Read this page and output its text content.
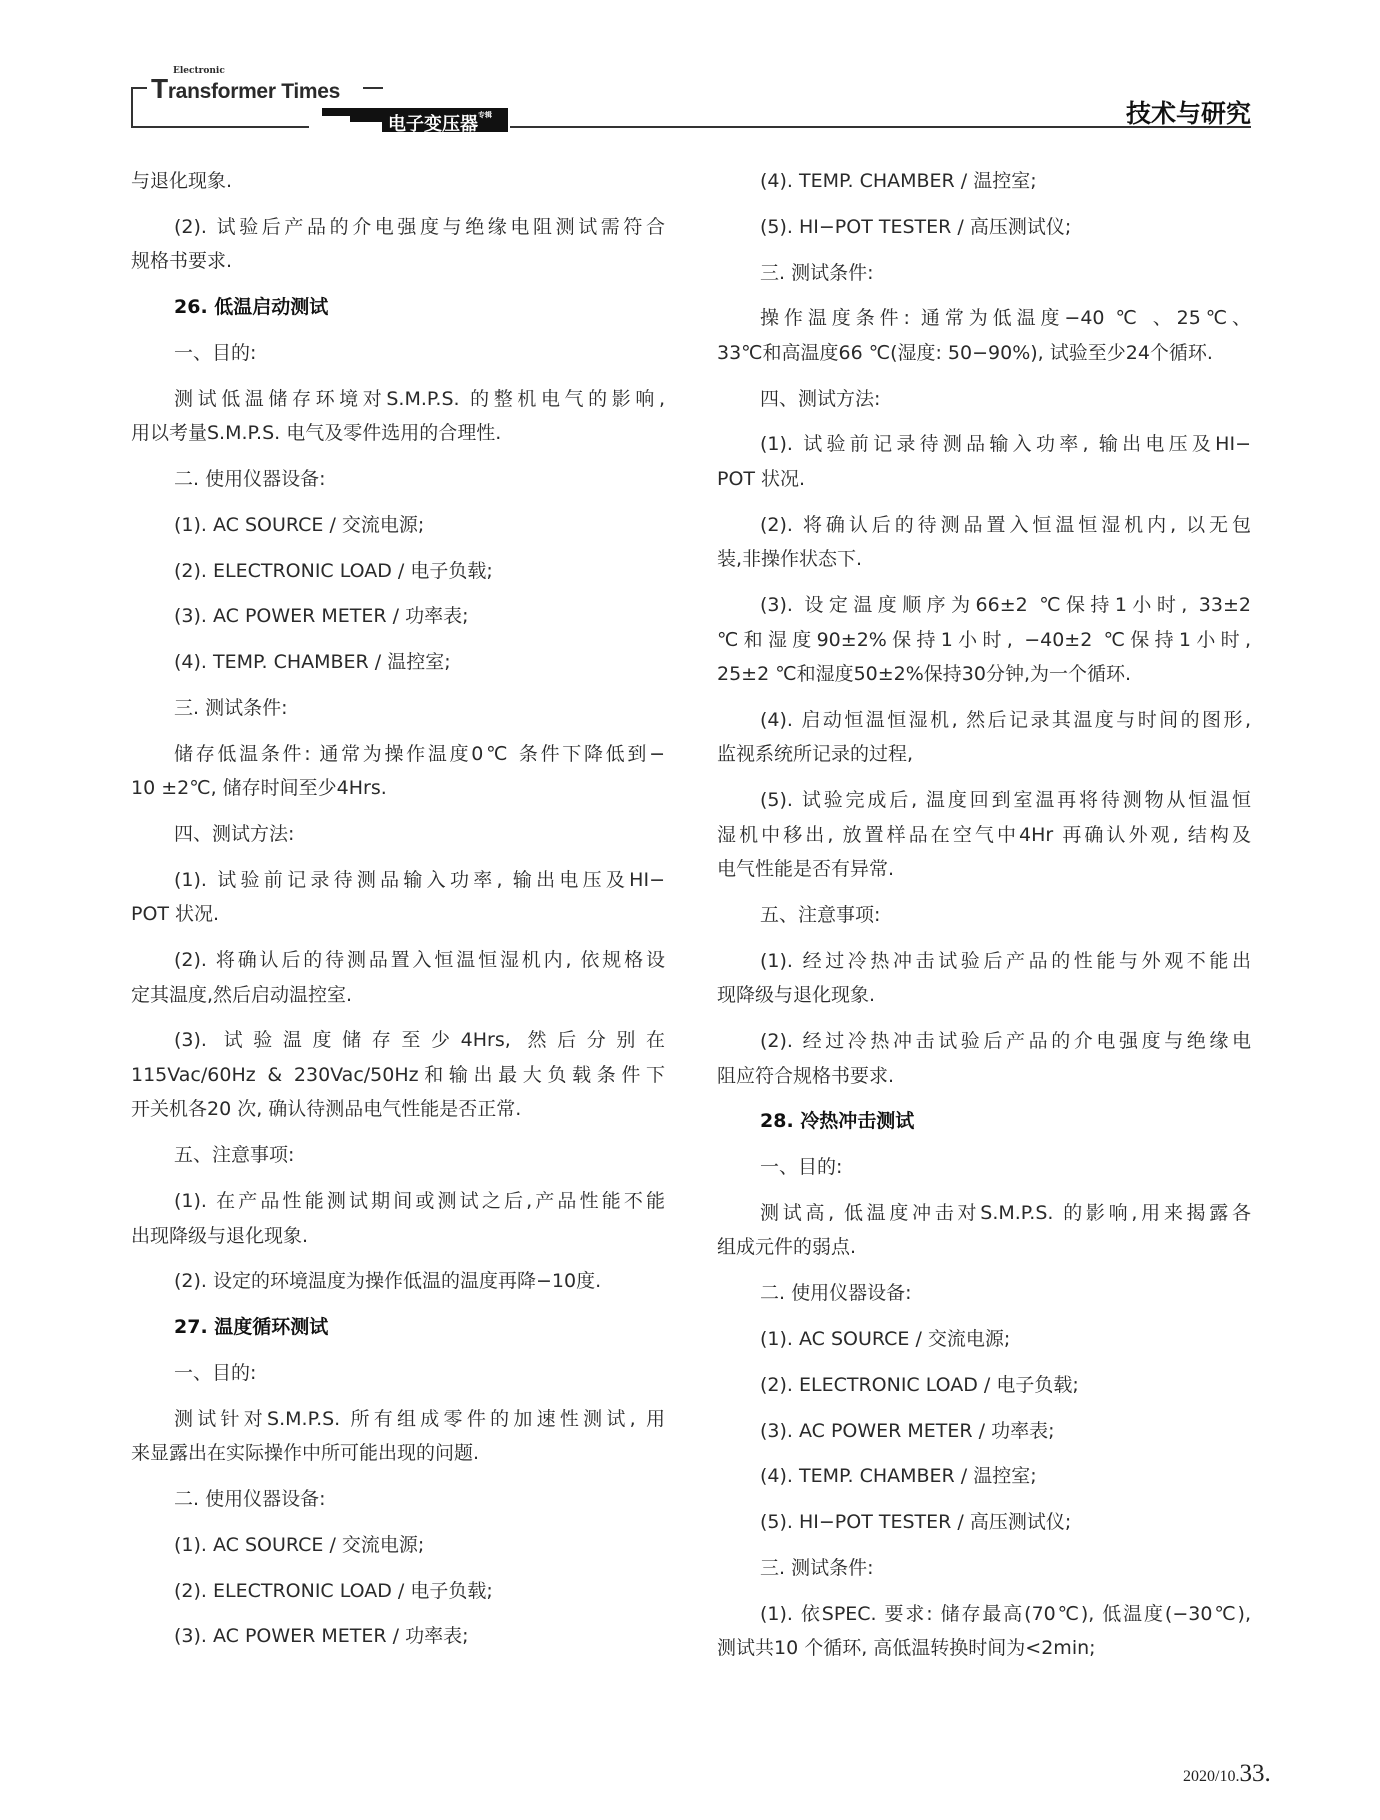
Electronic
Transformer Times
电子变压器$^{专辑}$	技术与研究
与退化现象.
(2). 试验后产品的介电强度与绝缘电阻测试需符合
规格书要求.
26. 低温启动测试
一、目的:
测试低温储存环境对S.M.P.S. 的整机电气的影响,
用以考量S.M.P.S. 电气及零件选用的合理性.
二. 使用仪器设备:
(1). AC SOURCE / 交流电源;
(2). ELECTRONIC LOAD / 电子负载;
(3). AC POWER METER / 功率表;
(4). TEMP. CHAMBER / 温控室;
三. 测试条件:
储存低温条件: 通常为操作温度0℃ 条件下降低到−
10 ±2℃, 储存时间至少4Hrs.
四、测试方法:
(1). 试验前记录待测品输入功率, 输出电压及HI−
POT 状况.
(2). 将确认后的待测品置入恒温恒湿机内, 依规格设
定其温度,然后启动温控室.
(3). 试验温度储存至少4Hrs, 然后分别在
115Vac/60Hz & 230Vac/50Hz和输出最大负载条件下
开关机各20 次, 确认待测品电气性能是否正常.
五、注意事项:
(1). 在产品性能测试期间或测试之后,产品性能不能
出现降级与退化现象.
(2). 设定的环境温度为操作低温的温度再降−10度.
27. 温度循环测试
一、目的:
测试针对S.M.P.S. 所有组成零件的加速性测试, 用
来显露出在实际操作中所可能出现的问题.
二. 使用仪器设备:
(1). AC SOURCE / 交流电源;
(2). ELECTRONIC LOAD / 电子负载;
(3). AC POWER METER / 功率表;
(4). TEMP. CHAMBER / 温控室;
(5). HI−POT TESTER / 高压测试仪;
三. 测试条件:
操作温度条件: 通常为低温度−40 ℃ 、25℃、
33℃和高温度66 ℃(湿度: 50−90%), 试验至少24个循环.
四、测试方法:
(1). 试验前记录待测品输入功率, 输出电压及HI−
POT 状况.
(2). 将确认后的待测品置入恒温恒湿机内, 以无包
装,非操作状态下.
(3). 设定温度顺序为66±2 ℃保持1小时, 33±2
℃和湿度90±2%保持1小时, −40±2 ℃保持1小时,
25±2 ℃和湿度50±2%保持30分钟,为一个循环.
(4). 启动恒温恒湿机, 然后记录其温度与时间的图形,
监视系统所记录的过程,
(5). 试验完成后, 温度回到室温再将待测物从恒温恒
湿机中移出, 放置样品在空气中4Hr 再确认外观, 结构及
电气性能是否有异常.
五、注意事项:
(1). 经过冷热冲击试验后产品的性能与外观不能出
现降级与退化现象.
(2). 经过冷热冲击试验后产品的介电强度与绝缘电
阻应符合规格书要求.
28. 冷热冲击测试
一、目的:
测试高, 低温度冲击对S.M.P.S. 的影响,用来揭露各
组成元件的弱点.
二. 使用仪器设备:
(1). AC SOURCE / 交流电源;
(2). ELECTRONIC LOAD / 电子负载;
(3). AC POWER METER / 功率表;
(4). TEMP. CHAMBER / 温控室;
(5). HI−POT TESTER / 高压测试仪;
三. 测试条件:
(1). 依SPEC. 要求: 储存最高(70℃), 低温度(−30℃),
测试共10 个循环, 高低温转换时间为<2min;
2020/10.33.
